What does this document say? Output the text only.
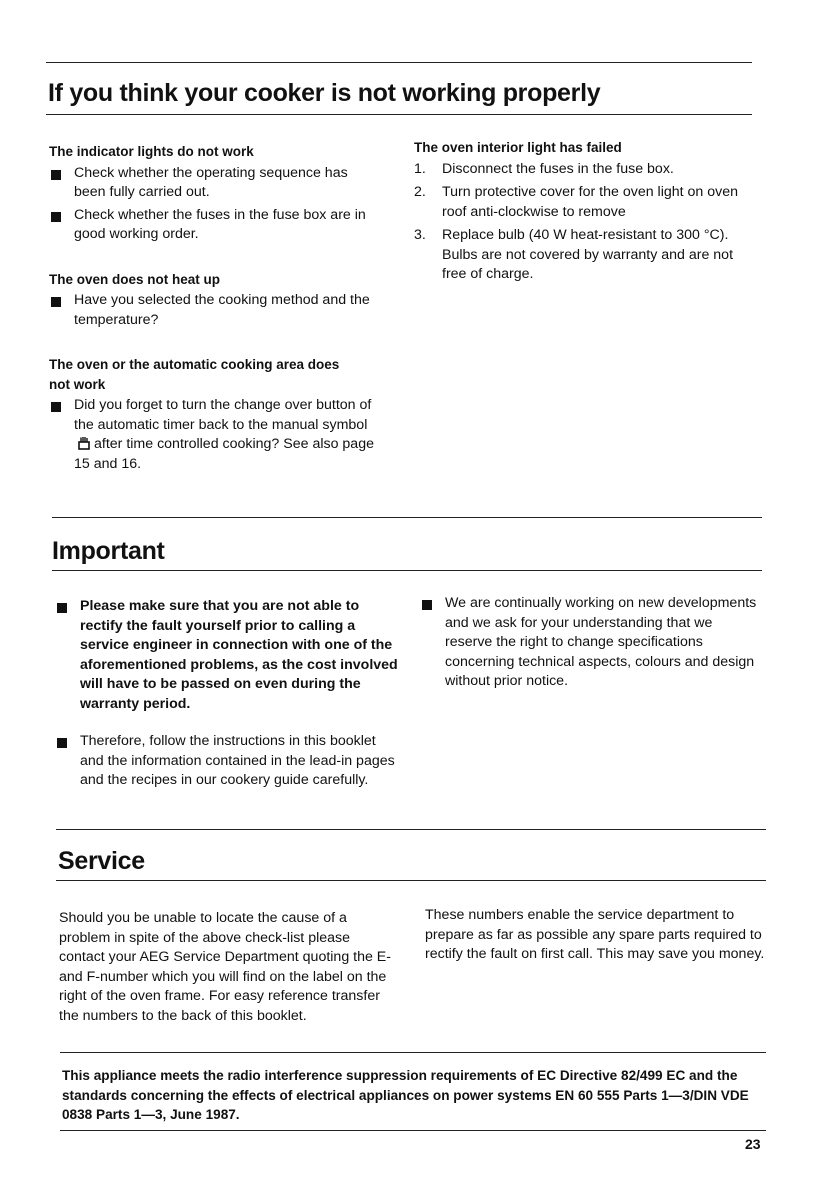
If you think your cooker is not working properly
The indicator lights do not work
Check whether the operating sequence has been fully carried out.
Check whether the fuses in the fuse box are in good working order.
The oven does not heat up
Have you selected the cooking method and the temperature?
The oven or the automatic cooking area does not work
Did you forget to turn the change over button of the automatic timer back to the manual symbolafter time controlled cooking? See also page 15 and 16.
The oven interior light has failed
1. Disconnect the fuses in the fuse box.
2. Turn protective cover for the oven light on oven roof anti-clockwise to remove
3. Replace bulb (40 W heat-resistant to 300 °C). Bulbs are not covered by warranty and are not free of charge.
Important
Please make sure that you are not able to rectify the fault yourself prior to calling a service engineer in connection with one of the aforementioned problems, as the cost involved will have to be passed on even during the warranty period.
Therefore, follow the instructions in this booklet and the information contained in the lead-in pages and the recipes in our cookery guide carefully.
We are continually working on new developments and we ask for your understanding that we reserve the right to change specifications concerning technical aspects, colours and design without prior notice.
Service

Should you be unable to locate the cause of a problem in spite of the above check-list please contact your AEG Service Department quoting the E- and F-number which you will find on the label on the right of the oven frame. For easy reference transfer the numbers to the back of this booklet.

These numbers enable the service department to prepare as far as possible any spare parts required to rectify the fault on first call. This may save you money.

This appliance meets the radio interference suppression requirements of EC Directive 82/499 EC and the standards concerning the effects of electrical appliances on power systems EN 60 555 Parts 1—3/DIN VDE 0838 Parts 1—3, June 1987.
23
